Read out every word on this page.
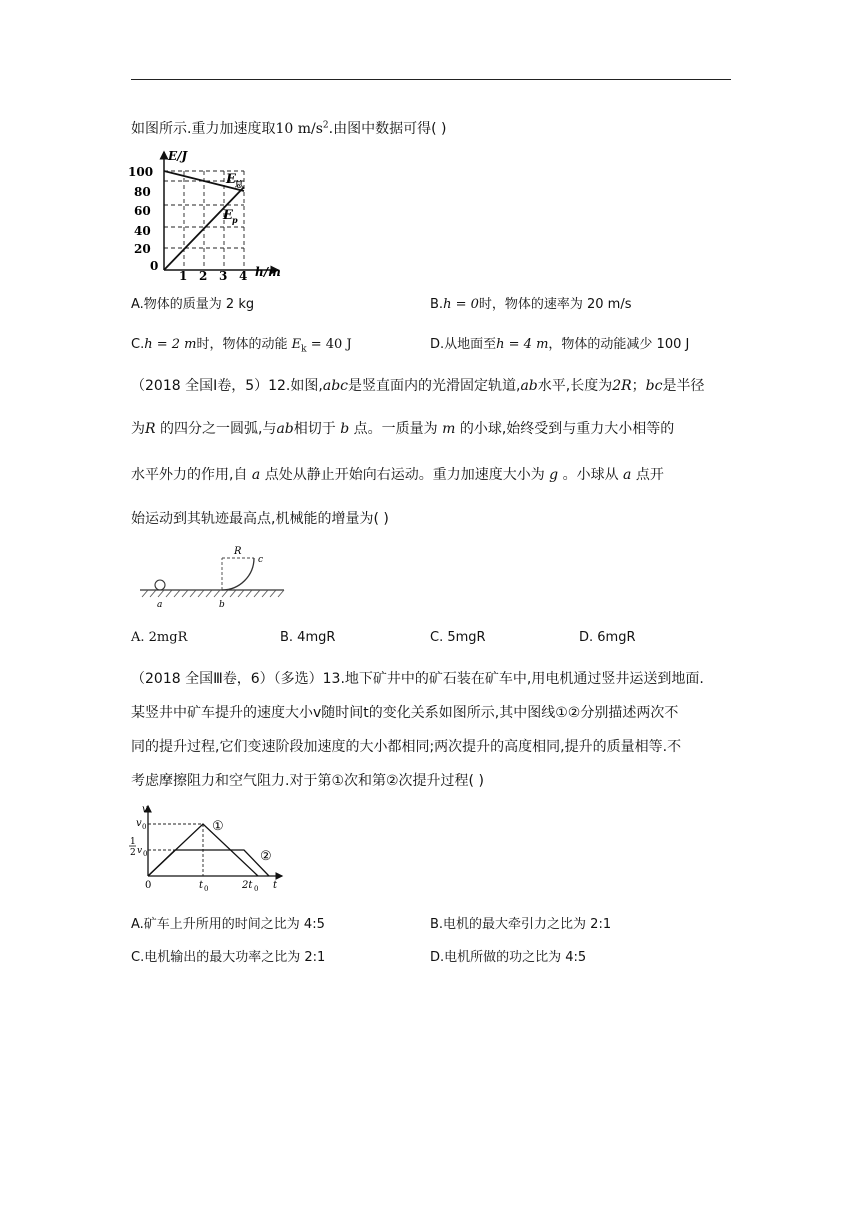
如图所示.重力加速度取10 $m/s^2$.由图中数据可得( )
E/J
100
80
60
40
20
0
1 2 3 4 h/m
E 总
E p
A.物体的质量为 2 kg	B.h = 0时，物体的速率为 20 m/s
C.h = 2 m时，物体的动能 $E_k = 40$ J	D.从地面至h = 4 m，物体的动能减少 100 J
（2018 全国Ⅰ卷，5）12.如图,abc是竖直面内的光滑固定轨道,ab水平,长度为2R；bc是半径
为R 的四分之一圆弧,与ab相切于 b 点。一质量为 m 的小球,始终受到与重力大小相等的
水平外力的作用,自 a 点处从静止开始向右运动。重力加速度大小为 g 。小球从 a 点开
始运动到其轨迹最高点,机械能的增量为( )
R
c
a	b
A. 2mgR	B. 4mgR	C. 5mgR	D. 6mgR
（2018 全国Ⅲ卷，6）（多选）13.地下矿井中的矿石装在矿车中,用电机通过竖井运送到地面.
某竖井中矿车提升的速度大小v随时间t的变化关系如图所示,其中图线①②分别描述两次不
同的提升过程,它们变速阶段加速度的大小都相同;两次提升的高度相同,提升的质量相等.不
考虑摩擦阻力和空气阻力.对于第①次和第②次提升过程( )
v
v 0
1
2 v 0
0	t 0	2t 0 t
①
②
A.矿车上升所用的时间之比为 4:5	B.电机的最大牵引力之比为 2:1
C.电机输出的最大功率之比为 2:1	D.电机所做的功之比为 4:5
